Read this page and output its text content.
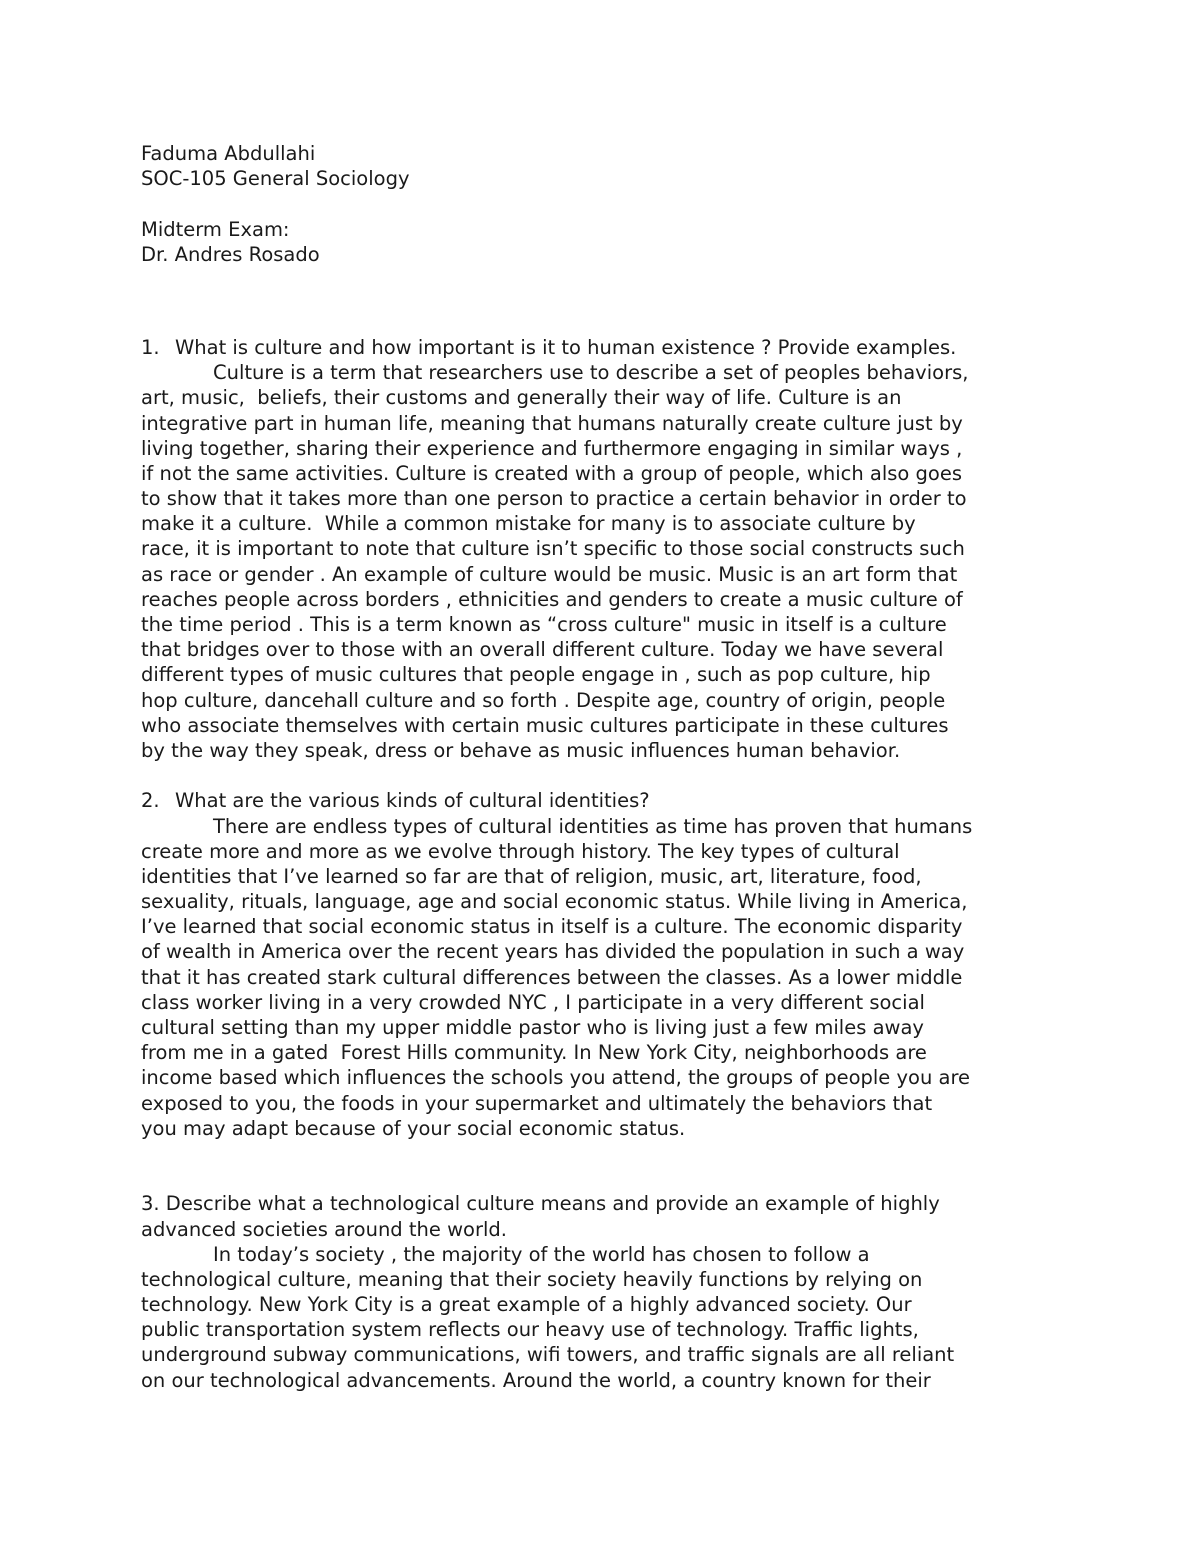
Faduma Abdullahi
SOC-105 General Sociology
Midterm Exam:
Dr. Andres Rosado
1. What is culture and how important is it to human existence ? Provide examples.
Culture is a term that researchers use to describe a set of peoples behaviors,
art, music,  beliefs, their customs and generally their way of life. Culture is an
integrative part in human life, meaning that humans naturally create culture just by
living together, sharing their experience and furthermore engaging in similar ways ,
if not the same activities. Culture is created with a group of people, which also goes
to show that it takes more than one person to practice a certain behavior in order to
make it a culture.  While a common mistake for many is to associate culture by
race, it is important to note that culture isn’t specific to those social constructs such
as race or gender . An example of culture would be music. Music is an art form that
reaches people across borders , ethnicities and genders to create a music culture of
the time period . This is a term known as “cross culture" music in itself is a culture
that bridges over to those with an overall different culture. Today we have several
different types of music cultures that people engage in , such as pop culture, hip
hop culture, dancehall culture and so forth . Despite age, country of origin, people
who associate themselves with certain music cultures participate in these cultures
by the way they speak, dress or behave as music influences human behavior.
2. What are the various kinds of cultural identities?
There are endless types of cultural identities as time has proven that humans
create more and more as we evolve through history. The key types of cultural
identities that I’ve learned so far are that of religion, music, art, literature, food,
sexuality, rituals, language, age and social economic status. While living in America,
I’ve learned that social economic status in itself is a culture. The economic disparity
of wealth in America over the recent years has divided the population in such a way
that it has created stark cultural differences between the classes. As a lower middle
class worker living in a very crowded NYC , I participate in a very different social
cultural setting than my upper middle pastor who is living just a few miles away
from me in a gated  Forest Hills community. In New York City, neighborhoods are
income based which influences the schools you attend, the groups of people you are
exposed to you, the foods in your supermarket and ultimately the behaviors that
you may adapt because of your social economic status.
3. Describe what a technological culture means and provide an example of highly
advanced societies around the world.
In today’s society , the majority of the world has chosen to follow a
technological culture, meaning that their society heavily functions by relying on
technology. New York City is a great example of a highly advanced society. Our
public transportation system reflects our heavy use of technology. Traffic lights,
underground subway communications, wifi towers, and traffic signals are all reliant
on our technological advancements. Around the world, a country known for their
